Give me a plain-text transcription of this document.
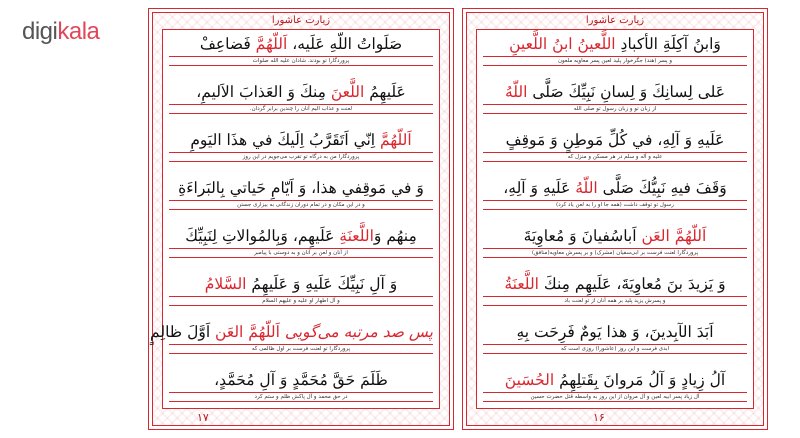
digikala	زیارت عاشورا
صَلَواتُ اللّهِ عَلَيه، اَللّهُمَّ فَضاعِفْ
پروردگارا تو بودند. شادان علیه الله صلوات
عَلَيهِمُ اللَّعنَ مِنكَ وَ العَذابَ الاَليمِ،
لعنت و عذاب الیم آنان را چندین برابر گردان.
اَللّهُمَّ اِنّي اَتَقَرَّبُ اِلَيكَ في هذَا اليَومِ
پروردگارا من به درگاه تو تقرب می‌جویم در این روز
وَ في مَوقِفي هذا، وَ اَيّامِ حَياتي بِالبَراءَةِ
و در این مکان و در تمام دوران زندگانی به بیزاری جستن
مِنهُم وَاللَّعنَةِ عَلَيهِم، وَبِالمُوالاتِ لِنَبِيِّكَ
از آنان و لعن بر آنان و به دوستی با پیامبر
وَ آلِ نَبِيِّكَ عَلَيهِ وَ عَلَيهِمُ السَّلامُ
و آل اطهار او علیه و علیهم السلام
پس صد مرتبه می‌گویی اَللّهُمَّ العَن اَوَّلَ ظالِمٍ
پروردگارا تو لعنت فرست بر اول ظالمی که
ظَلَمَ حَقَّ مُحَمَّدٍ وَ آلِ مُحَمَّدٍ،
در حق محمد و آل پاکش ظلم و ستم کرد
۱۷
زیارت عاشورا
وَابنُ آكِلَةِ الأكبادِ اللَّعينُ ابنُ اللَّعينِ
و پسر (هند) جگرخوار پلید لعین پسر معاویه ملعون
عَلى لِسانِكَ وَ لِسانِ نَبِيِّكَ صَلَّى اللّهُ
از زبان تو و زبان رسول تو صلی الله
عَلَيهِ وَ آلِهِ، في كُلِّ مَوطِنٍ وَ مَوقِفٍ
علیه و آله و سلم در هر مسکن و منزل که
وَقَفَ فيهِ نَبِيُّكَ صَلَّى اللّهُ عَلَيهِ وَ آلِهِ،
رسول تو توقف داشت (همه جا او را به لعن یاد کرد)
اَللّهُمَّ العَن اَباسُفيانَ وَ مُعاوِيَةَ
پروردگارا لعنت فرست بر ابی‌سفیان (مشرک) و بر پسرش معاویه(منافق)
وَ يَزيدَ بنَ مُعاوِيَةَ، عَلَيهِم مِنكَ اللَّعنَةُ
و پسرش یزید پلید بر همه آنان از تو لعنت باد
اَبَدَ الآبِدينَ، وَ هذا يَومٌ فَرِحَت بِهِ
ابدی فرست و این روز (عاشورا) روزی است که
آلُ زِيادٍ وَ آلُ مَروانَ بِقَتلِهِمُ الحُسَينَ
آل زیاد پسر ابیه لعین و آل مروان از این روز به واسطه قتل حضرت حسین
۱۶
